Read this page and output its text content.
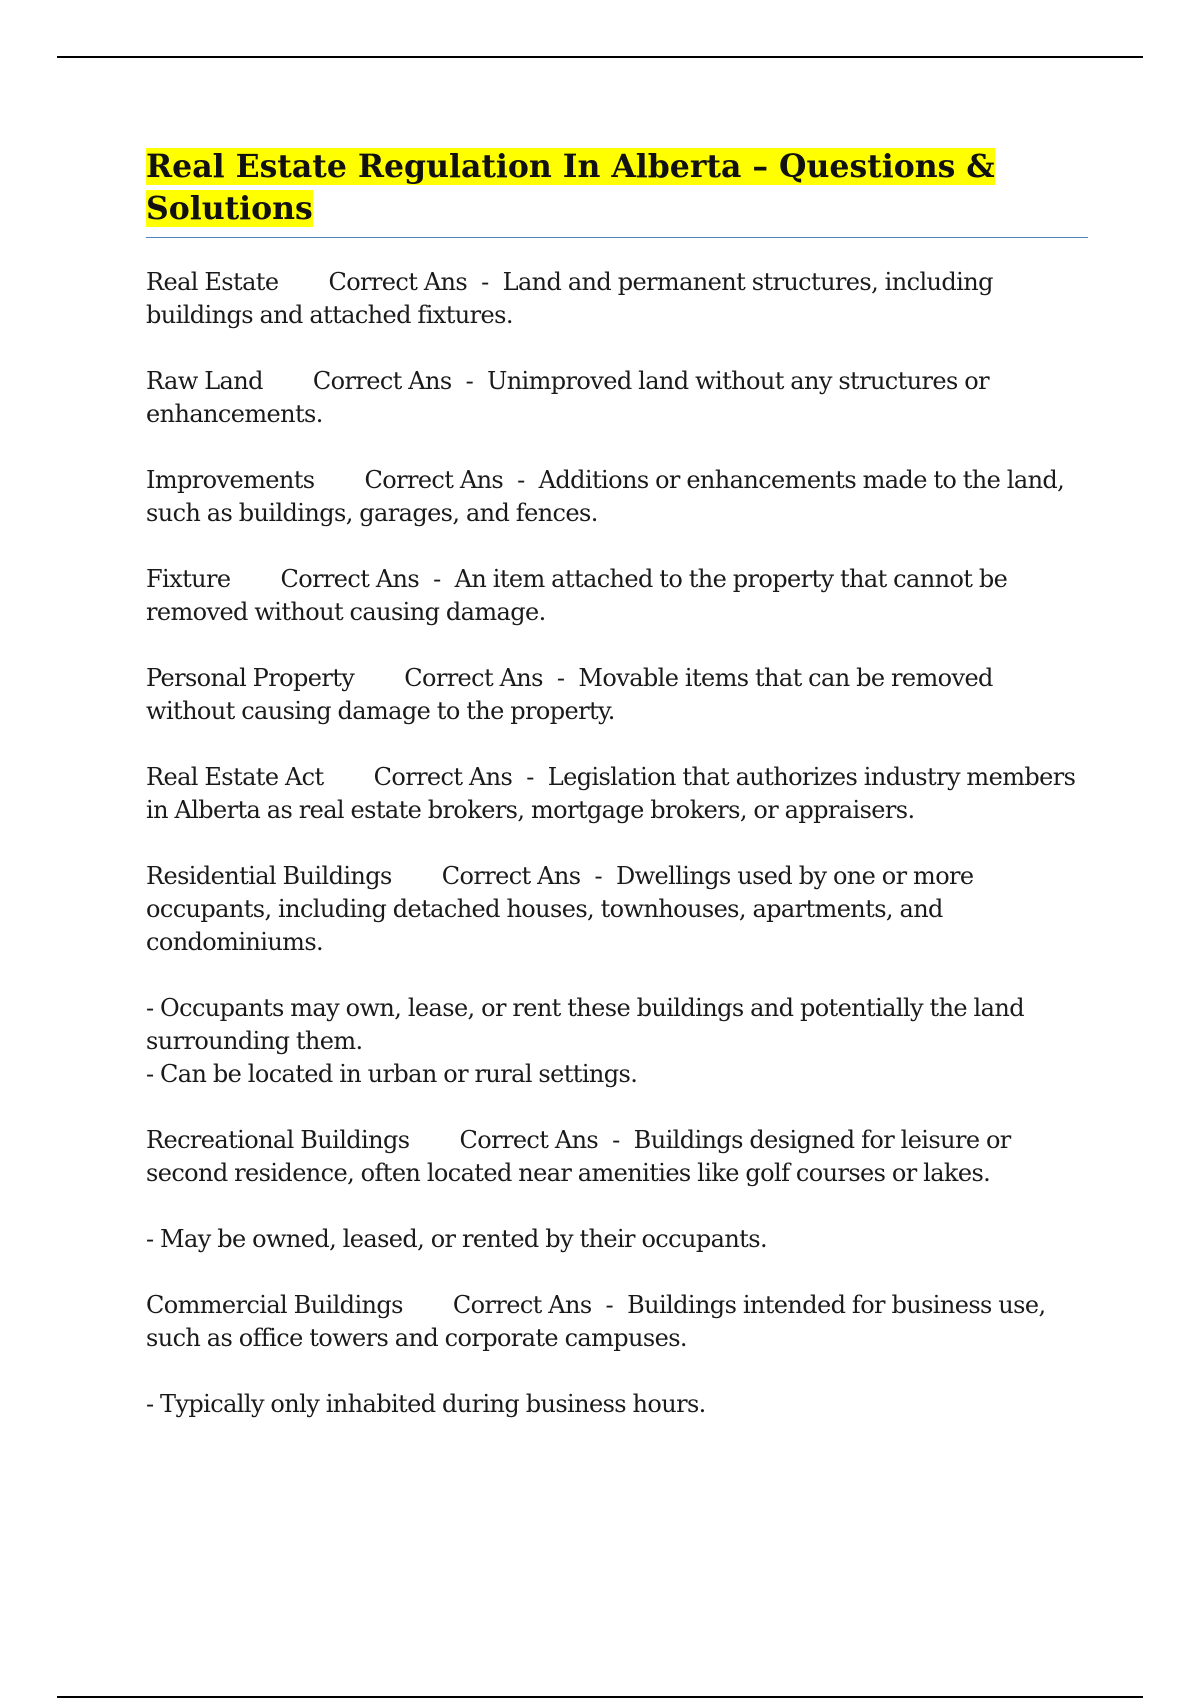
Real Estate Regulation In Alberta – Questions & Solutions

Real Estate Correct Ans - Land and permanent structures, including buildings and attached fixtures.

Raw Land Correct Ans - Unimproved land without any structures or enhancements.

Improvements Correct Ans - Additions or enhancements made to the land, such as buildings, garages, and fences.

Fixture Correct Ans - An item attached to the property that cannot be removed without causing damage.

Personal Property Correct Ans - Movable items that can be removed without causing damage to the property.

Real Estate Act Correct Ans - Legislation that authorizes industry members in Alberta as real estate brokers, mortgage brokers, or appraisers.

Residential Buildings Correct Ans - Dwellings used by one or more occupants, including detached houses, townhouses, apartments, and condominiums.

- Occupants may own, lease, or rent these buildings and potentially the land surrounding them.

- Can be located in urban or rural settings.

Recreational Buildings Correct Ans - Buildings designed for leisure or second residence, often located near amenities like golf courses or lakes.

- May be owned, leased, or rented by their occupants.

Commercial Buildings Correct Ans - Buildings intended for business use, such as office towers and corporate campuses.

- Typically only inhabited during business hours.
